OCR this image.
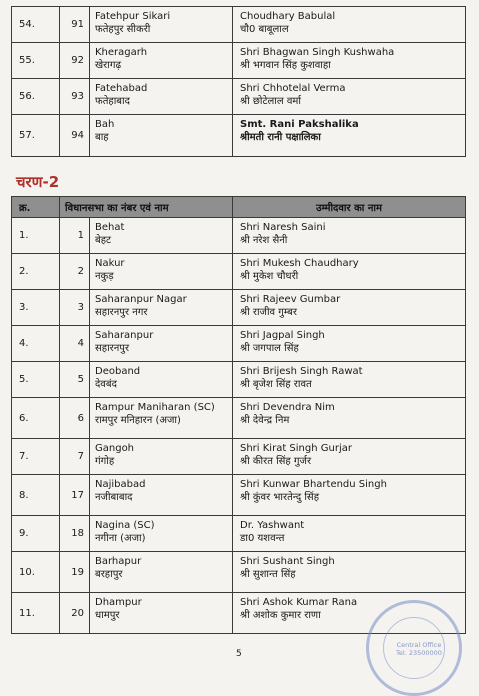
54.	91	Fatehpur Sikari
फतेहपुर सीकरी	Choudhary Babulal
चौ0 बाबूलाल

55.	92	Kheragarh
खेरागढ़	Shri Bhagwan Singh Kushwaha
श्री भगवान सिंह कुशवाहा

56.	93	Fatehabad
फतेहाबाद	Shri Chhotelal Verma
श्री छोटेलाल वर्मा

57.	94	Bah
बाह	Smt. Rani Pakshalika
श्रीमती रानी पक्षालिका
चरण-2
क्र.	विधानसभा का नंबर एवं नाम		उम्मीदवार का नाम
1.	1	Behat
बेहट	Shri Naresh Saini
श्री नरेश सैनी

2.	2	Nakur
नकुड़	Shri Mukesh Chaudhary
श्री मुकेश चौधरी

3.	3	Saharanpur Nagar
सहारनपुर नगर	Shri Rajeev Gumbar
श्री राजीव गुम्बर

4.	4	Saharanpur
सहारनपुर	Shri Jagpal Singh
श्री जगपाल सिंह

5.	5	Deoband
देवबंद	Shri Brijesh Singh Rawat
श्री बृजेश सिंह रावत

6.	6	Rampur Maniharan (SC)
रामपुर मनिहारन (अजा)	Shri Devendra Nim
श्री देवेन्द्र निम

7.	7	Gangoh
गंगोह	Shri Kirat Singh Gurjar
श्री कीरत सिंह गुर्जर

8.	17	Najibabad
नजीबाबाद	Shri Kunwar Bhartendu Singh
श्री कुंवर भारतेन्दु सिंह

9.	18	Nagina (SC)
नगीना (अजा)	Dr. Yashwant
डा0 यशवन्त

10.	19	Barhapur
बरहापुर	Shri Sushant Singh
श्री सुशान्त सिंह

11.	20	Dhampur
धामपुर	Shri Ashok Kumar Rana
श्री अशोक कुमार राणा
5
Central Office
Tel. 23500000
